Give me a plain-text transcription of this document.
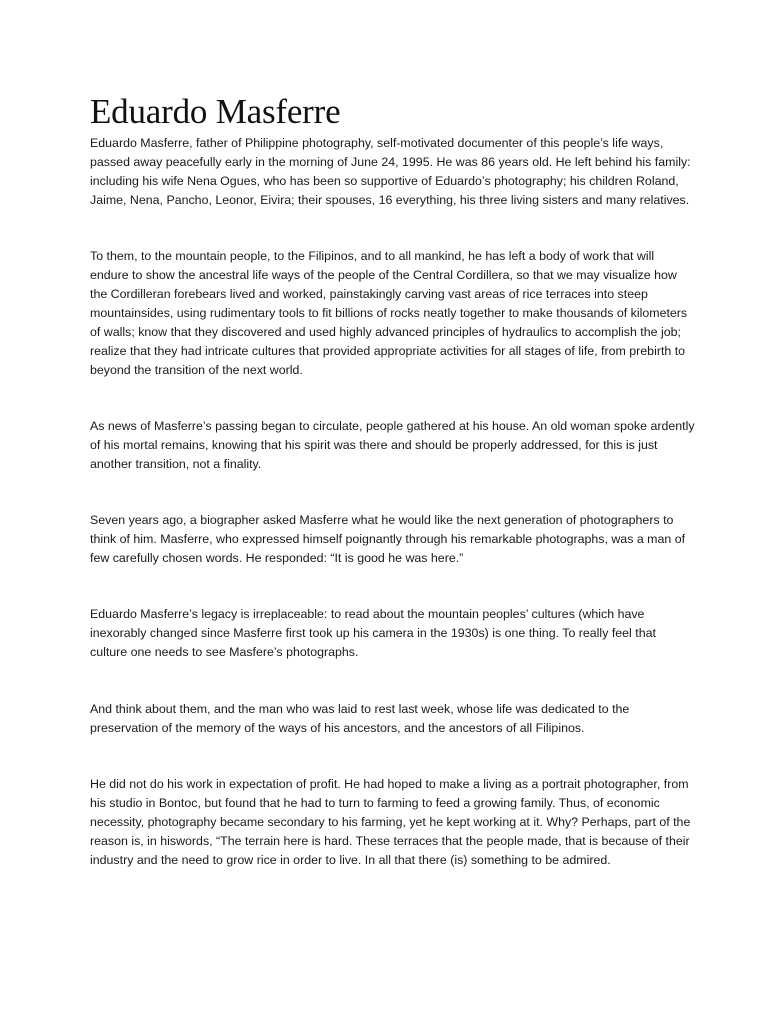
Eduardo Masferre

Eduardo Masferre, father of Philippine photography, self-motivated documenter of this people’s life ways, passed away peacefully early in the morning of June 24, 1995. He was 86 years old. He left behind his family: including his wife Nena Ogues, who has been so supportive of Eduardo’s photography; his children Roland, Jaime, Nena, Pancho, Leonor, Eivira; their spouses, 16 everything, his three living sisters and many relatives.

To them, to the mountain people, to the Filipinos, and to all mankind, he has left a body of work that will endure to show the ancestral life ways of the people of the Central Cordillera, so that we may visualize how the Cordilleran forebears lived and worked, painstakingly carving vast areas of rice terraces into steep mountainsides, using rudimentary tools to fit billions of rocks neatly together to make thousands of kilometers of walls; know that they discovered and used highly advanced principles of hydraulics to accomplish the job; realize that they had intricate cultures that provided appropriate activities for all stages of life, from prebirth to beyond the transition of the next world.

As news of Masferre’s passing began to circulate, people gathered at his house. An old woman spoke ardently of his mortal remains, knowing that his spirit was there and should be properly addressed, for this is just another transition, not a finality.

Seven years ago, a biographer asked Masferre what he would like the next generation of photographers to think of him. Masferre, who expressed himself poignantly through his remarkable photographs, was a man of few carefully chosen words. He responded: “It is good he was here.”

Eduardo Masferre’s legacy is irreplaceable: to read about the mountain peoples’ cultures (which have inexorably changed since Masferre first took up his camera in the 1930s) is one thing. To really feel that culture one needs to see Masfere’s photographs.

And think about them, and the man who was laid to rest last week, whose life was dedicated to the preservation of the memory of the ways of his ancestors, and the ancestors of all Filipinos.

He did not do his work in expectation of profit. He had hoped to make a living as a portrait photographer, from his studio in Bontoc, but found that he had to turn to farming to feed a growing family. Thus, of economic necessity, photography became secondary to his farming, yet he kept working at it. Why? Perhaps, part of the reason is, in hiswords, “The terrain here is hard. These terraces that the people made, that is because of their industry and the need to grow rice in order to live. In all that there (is) something to be admired.
